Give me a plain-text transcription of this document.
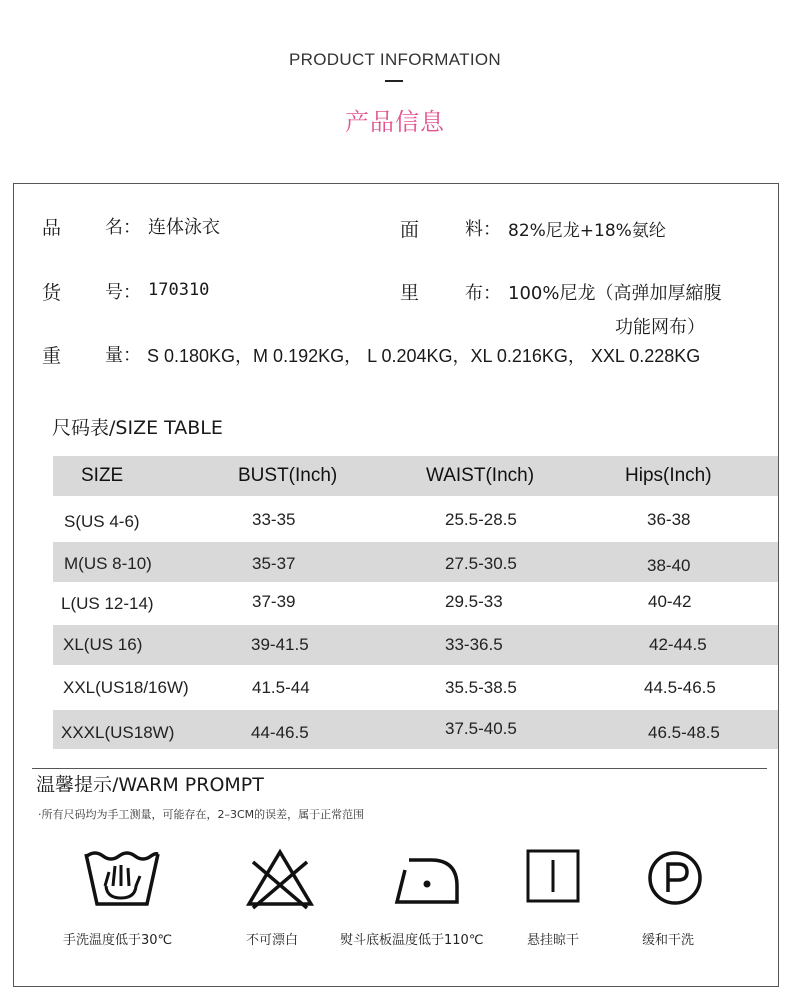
PRODUCT INFORMATION
产品信息
品 名： 连体泳衣	面	料： 82%尼龙+18%氨纶
货 号： 170310	里	布： 100%尼龙（高弹加厚縮腹
功能网布）
重 量： S 0.180KG，M 0.192KG， L 0.204KG，XL 0.216KG， XXL 0.228KG
尺码表/SIZE TABLE
SIZE	BUST(Inch)	WAIST(Inch)	Hips(Inch)
S(US 4-6)	33-35	25.5-28.5	36-38
M(US 8-10)	35-37	27.5-30.5	38-40
L(US 12-14)	37-39	29.5-33	40-42
XL(US 16)	39-41.5	33-36.5	42-44.5
XXL(US18/16W)	41.5-44	35.5-38.5	44.5-46.5
XXXL(US18W)	44-46.5	37.5-40.5	46.5-48.5
温馨提示/WARM PROMPT
·所有尺码均为手工测量，可能存在，2–3CM的误差，属于正常范围
手洗温度低于30℃	不可漂白	熨斗底板温度低于110℃	悬挂晾干	缓和干洗
